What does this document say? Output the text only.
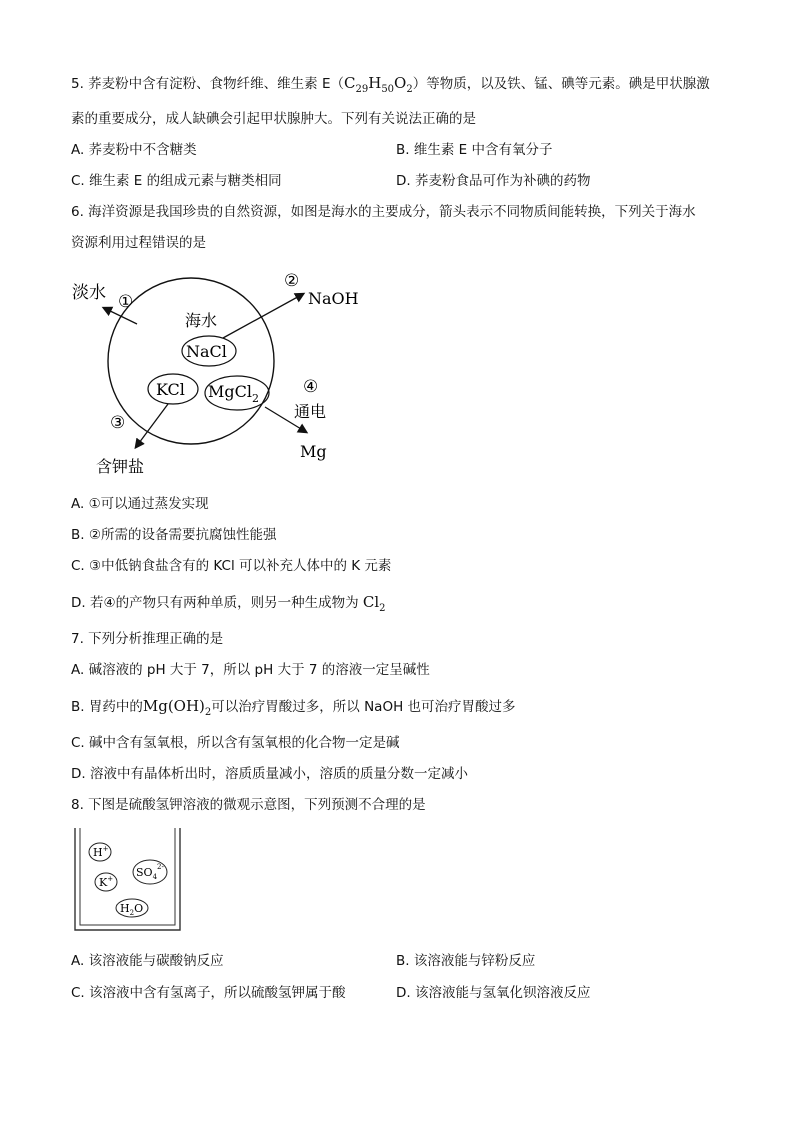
5. 荞麦粉中含有淀粉、食物纤维、维生素 $E(C_{29}H_{50}O_2)$等物质，以及铁、锰、碘等元素。碘是甲状腺激
素的重要成分，成人缺碘会引起甲状腺肿大。下列有关说法正确的是
A. 荞麦粉中不含糖类	B. 维生素 E 中含有氧分子
C. 维生素 E 的组成元素与糖类相同	D. 荞麦粉食品可作为补碘的药物
6. 海洋资源是我国珍贵的自然资源，如图是海水的主要成分，箭头表示不同物质间能转换，下列关于海水
资源利用过程错误的是
淡水 ①
②
NaOH
海水
NaCl
KCl MgCl$_2$
④
通电
Mg
③
含钾盐
A. ①可以通过蒸发实现
B. ②所需的设备需要抗腐蚀性能强
C. ③中低钠食盐含有的 KCl 可以补充人体中的 K 元素
D. 若④的产物只有两种单质，则另一种生成物为 $Cl_2$
7. 下列分析推理正确的是
A. 碱溶液的 pH 大于 7，所以 pH 大于 7 的溶液一定呈碱性
B. 胃药中的$Mg(OH)_2$可以治疗胃酸过多，所以 NaOH 也可治疗胃酸过多
C. 碱中含有氢氧根，所以含有氢氧根的化合物一定是碱
D. 溶液中有晶体析出时，溶质质量减小，溶质的质量分数一定减小
8. 下图是硫酸氢钾溶液的微观示意图，下列预测不合理的是
H+
K+ $SO_4^{2-}$
$H_2O$
A. 该溶液能与碳酸钠反应	B. 该溶液能与锌粉反应
C. 该溶液中含有氢离子，所以硫酸氢钾属于酸	D. 该溶液能与氢氧化钡溶液反应
